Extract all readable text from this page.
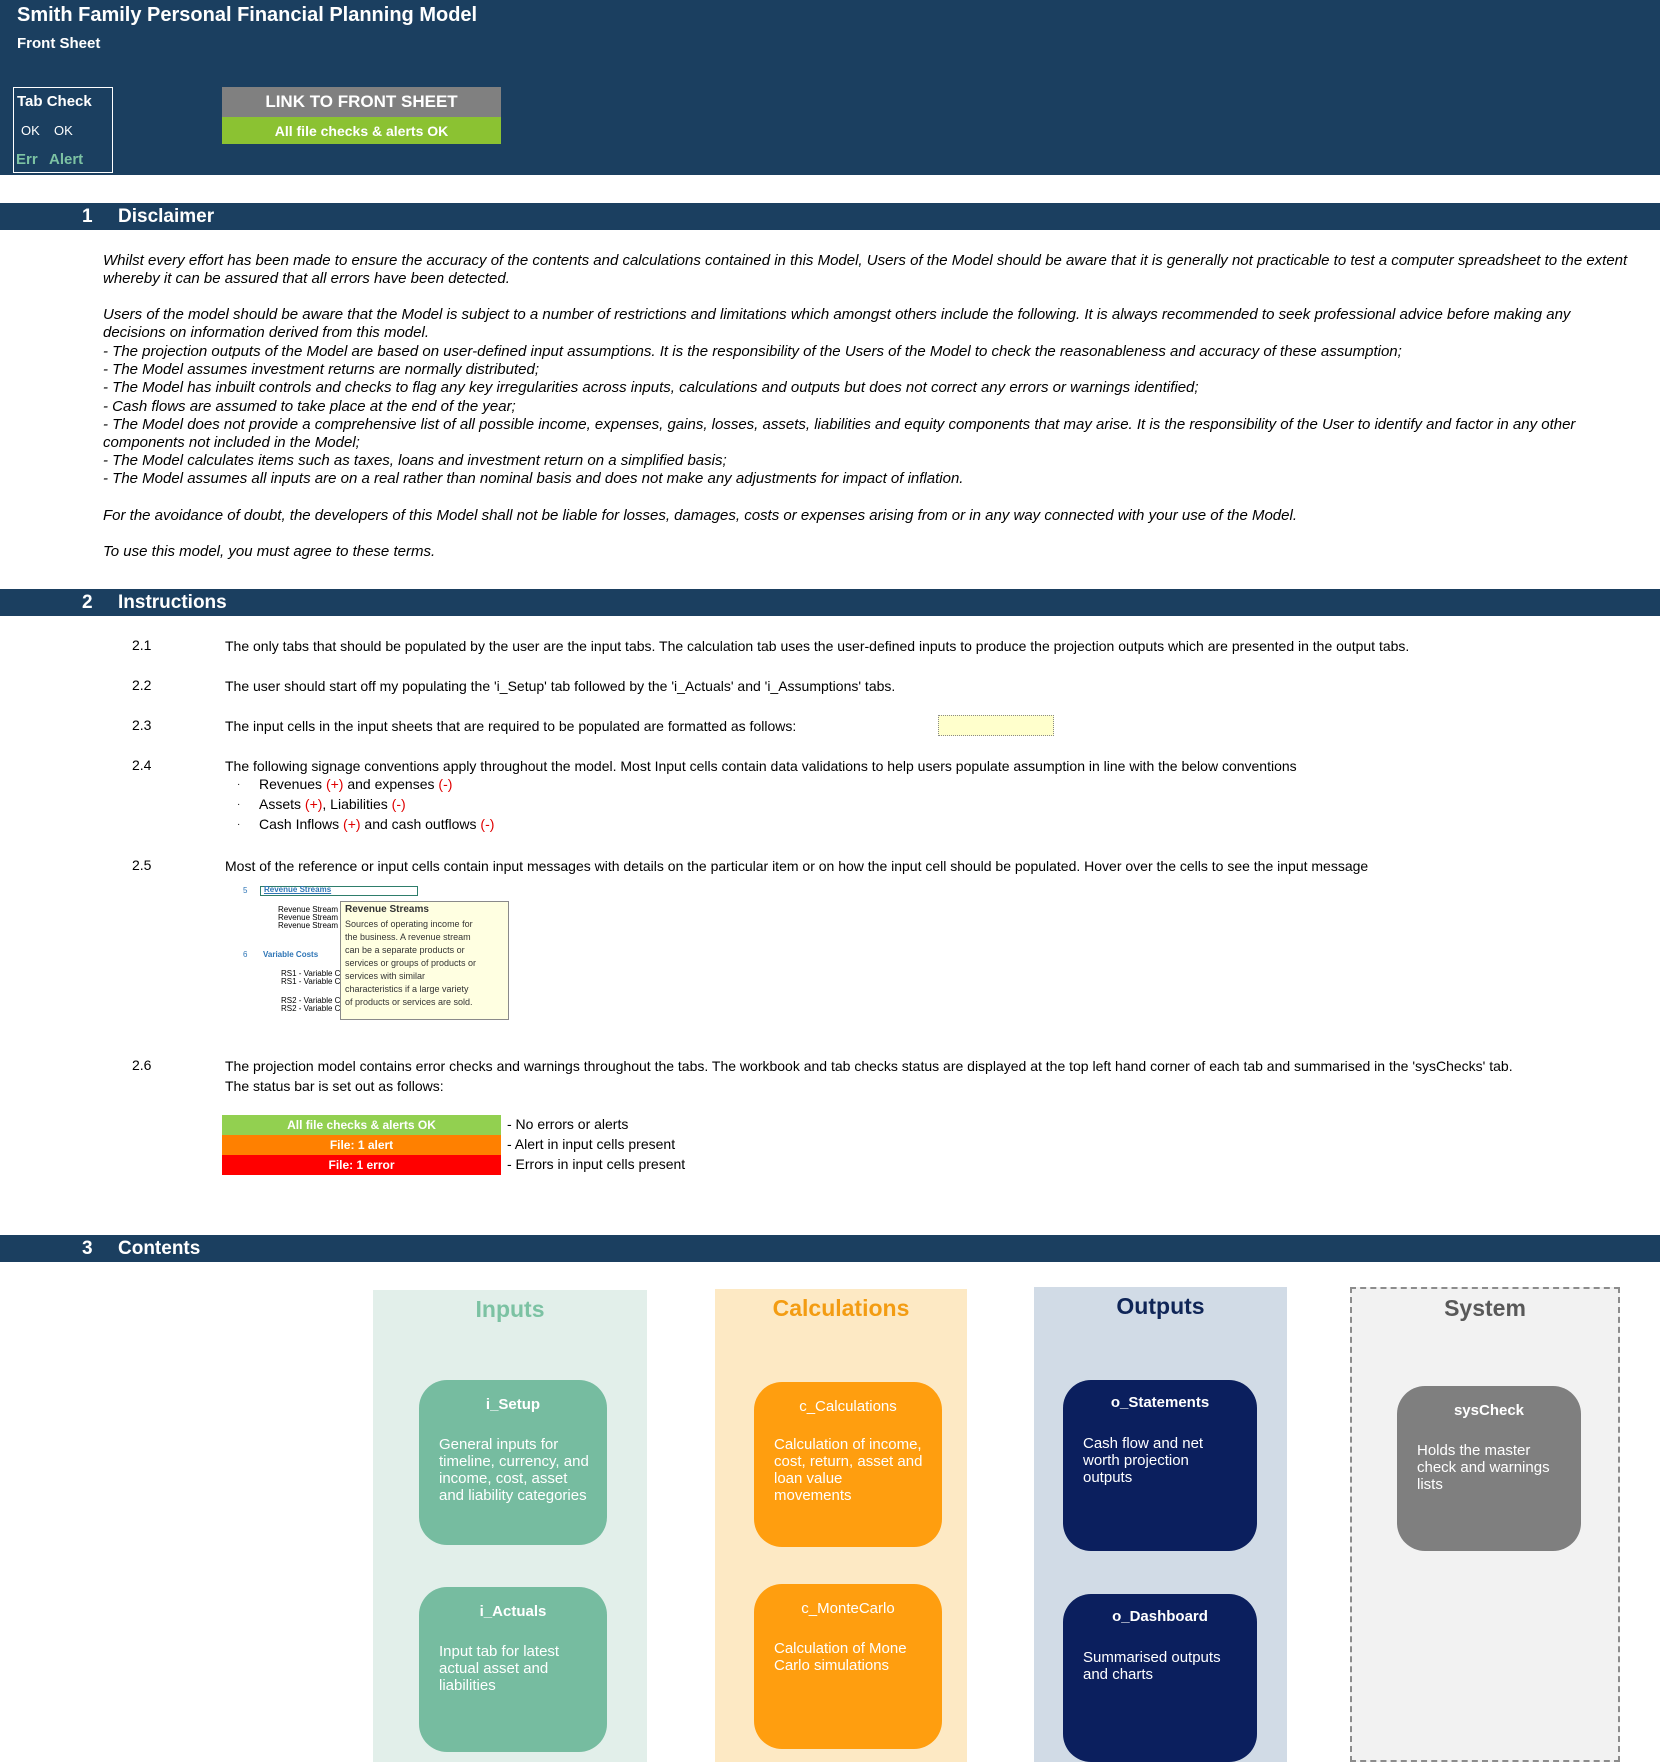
Smith Family Personal Financial Planning Model
Front Sheet
Tab Check
OK OK
Err Alert
LINK TO FRONT SHEET
All file checks & alerts OK
1 Disclaimer
Whilst every effort has been made to ensure the accuracy of the contents and calculations contained in this Model, Users of the Model should be aware that it is generally not practicable to test a computer spreadsheet to the extent whereby it can be assured that all errors have been detected.
Users of the model should be aware that the Model is subject to a number of restrictions and limitations which amongst others include the following. It is always recommended to seek professional advice before making any decisions on information derived from this model.
- The projection outputs of the Model are based on user-defined input assumptions. It is the responsibility of the Users of the Model to check the reasonableness and accuracy of these assumption;
- The Model assumes investment returns are normally distributed;
- The Model has inbuilt controls and checks to flag any key irregularities across inputs, calculations and outputs but does not correct any errors or warnings identified;
- Cash flows are assumed to take place at the end of the year;
- The Model does not provide a comprehensive list of all possible income, expenses, gains, losses, assets, liabilities and equity components that may arise. It is the responsibility of the User to identify and factor in any other components not included in the Model;
- The Model calculates items such as taxes, loans and investment return on a simplified basis;
- The Model assumes all inputs are on a real rather than nominal basis and does not make any adjustments for impact of inflation.
For the avoidance of doubt, the developers of this Model shall not be liable for losses, damages, costs or expenses arising from or in any way connected with your use of the Model.
To use this model, you must agree to these terms.
2 Instructions
2.1	The only tabs that should be populated by the user are the input tabs. The calculation tab uses the user-defined inputs to produce the projection outputs which are presented in the output tabs.
2.2	The user should start off my populating the 'i_Setup' tab followed by the 'i_Actuals' and 'i_Assumptions' tabs.
2.3	The input cells in the input sheets that are required to be populated are formatted as follows:
2.4	The following signage conventions apply throughout the model. Most Input cells contain data validations to help users populate assumption in line with the below conventions
· Revenues (+) and expenses (-)
· Assets (+), Liabilities (-)
· Cash Inflows (+) and cash outflows (-)
2.5	Most of the reference or input cells contain input messages with details on the particular item or on how the input cell should be populated. Hover over the cells to see the input message
5 Revenue Streams
Revenue Stream
Revenue Stream
Revenue Stream
6 Variable Costs
RS1 - Variable C
RS1 - Variable C
RS2 - Variable C
RS2 - Variable C
Revenue Streams
Sources of operating income for
the business. A revenue stream
can be a separate products or
services or groups of products or
services with similar
characteristics if a large variety
of products or services are sold.
2.6	The projection model contains error checks and warnings throughout the tabs. The workbook and tab checks status are displayed at the top left hand corner of each tab and summarised in the 'sysChecks' tab.
The status bar is set out as follows:
All file checks & alerts OK	- No errors or alerts
File: 1 alert	- Alert in input cells present
File: 1 error	- Errors in input cells present
3 Contents
Inputs
i_Setup
General inputs for timeline, currency, and income, cost, asset and liability categories
i_Actuals
Input tab for latest actual asset and liabilities
Calculations
c_Calculations
Calculation of income, cost, return, asset and loan value movements
c_MonteCarlo
Calculation of Mone Carlo simulations
Outputs
o_Statements
Cash flow and net worth projection outputs
o_Dashboard
Summarised outputs and charts
System
sysCheck
Holds the master check and warnings lists
